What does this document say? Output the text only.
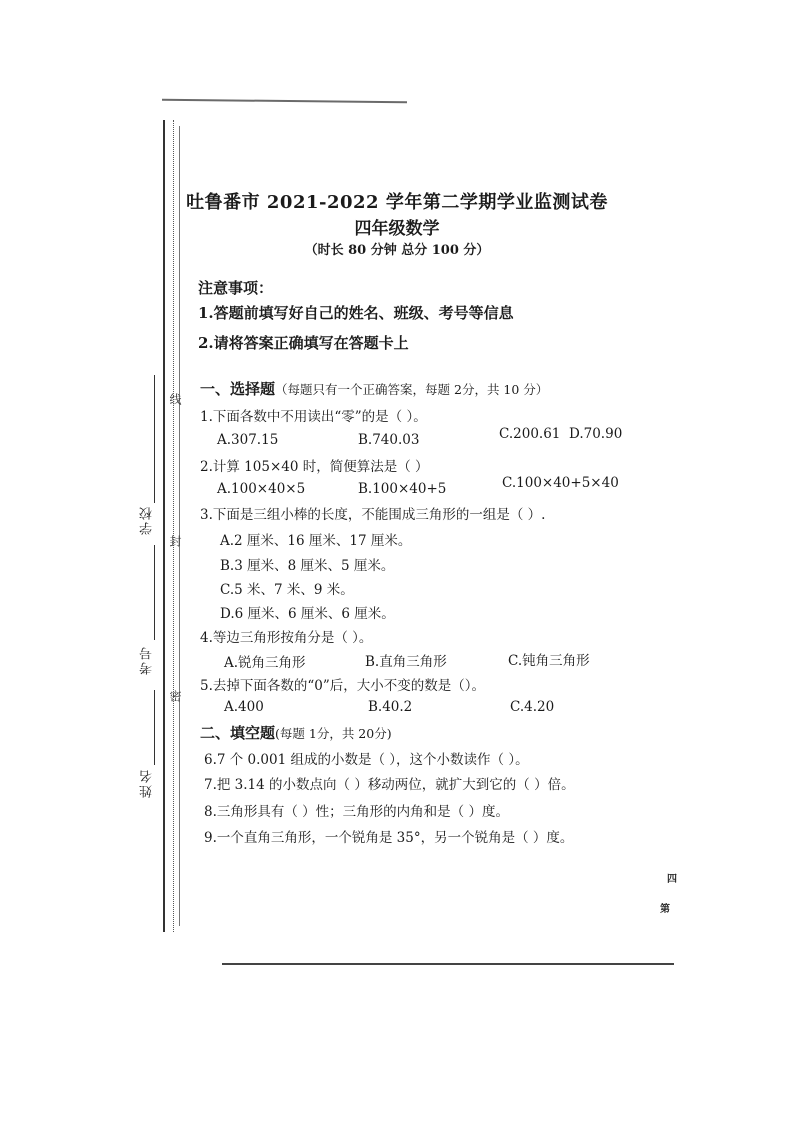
学校
考号
姓名
线
封
密
吐鲁番市 2021-2022 学年第二学期学业监测试卷
四年级数学
（时长 80 分钟 总分 100 分）
注意事项：
1.答题前填写好自己的姓名、班级、考号等信息
2.请将答案正确填写在答题卡上
一、选择题（每题只有一个正确答案，每题 2分，共 10 分）
1.下面各数中不用读出“零”的是（ ）。
A.307.15	B.740.03	C.200.61 D.70.90
2.计算 105×40 时，简便算法是（ ）
A.100×40×5	B.100×40+5	C.100×40+5×40
3.下面是三组小棒的长度，不能围成三角形的一组是（ ）.
A.2 厘米、16 厘米、17 厘米。
B.3 厘米、8 厘米、5 厘米。
C.5 米、7 米、9 米。
D.6 厘米、6 厘米、6 厘米。
4.等边三角形按角分是（ ）。
A.锐角三角形	B.直角三角形	C.钝角三角形
5.去掉下面各数的“0”后，大小不变的数是（）。
A.400	B.40.2	C.4.20
二、填空题(每题 1分，共 20分)
6.7 个 0.001 组成的小数是（ ），这个小数读作（ ）。
7.把 3.14 的小数点向（ ）移动两位，就扩大到它的（ ）倍。
8.三角形具有（ ）性；三角形的内角和是（ ）度。
9.一个直角三角形，一个锐角是 35°，另一个锐角是（ ）度。
四
第
